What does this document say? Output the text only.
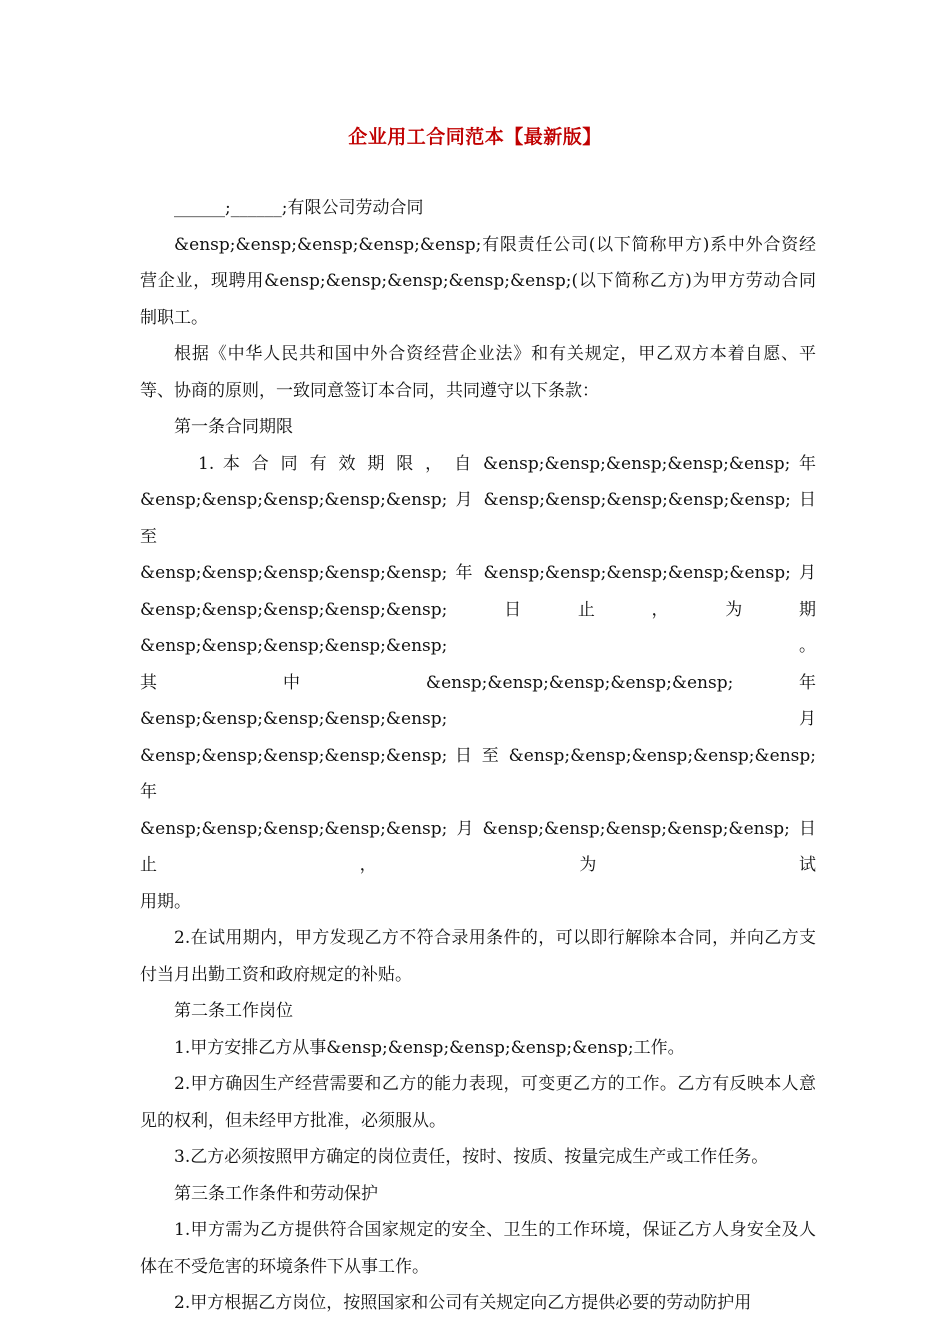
企业用工合同范本【最新版】

______;______;有限公司劳动合同

&ensp;&ensp;&ensp;&ensp;&ensp;有限责任公司(以下简称甲方)系中外合资经营企业，现聘用&ensp;&ensp;&ensp;&ensp;&ensp;(以下简称乙方)为甲方劳动合同制职工。

根据《中华人民共和国中外合资经营企业法》和有关规定，甲乙双方本着自愿、平等、协商的原则，一致同意签订本合同，共同遵守以下条款：

第一条合同期限

1. 本 合 同 有 效 期 限 ， 自 &ensp;&ensp;&ensp;&ensp;&ensp; 年

&ensp;&ensp;&ensp;&ensp;&ensp; 月 &ensp;&ensp;&ensp;&ensp;&ensp; 日 至

&ensp;&ensp;&ensp;&ensp;&ensp; 年 &ensp;&ensp;&ensp;&ensp;&ensp; 月

&ensp;&ensp;&ensp;&ensp;&ensp;日止，为期&ensp;&ensp;&ensp;&ensp;&ensp;。

其 中 &ensp;&ensp;&ensp;&ensp;&ensp; 年 &ensp;&ensp;&ensp;&ensp;&ensp; 月

&ensp;&ensp;&ensp;&ensp;&ensp; 日 至 &ensp;&ensp;&ensp;&ensp;&ensp; 年

&ensp;&ensp;&ensp;&ensp;&ensp;月&ensp;&ensp;&ensp;&ensp;&ensp;日止，为试

用期。

2.在试用期内，甲方发现乙方不符合录用条件的，可以即行解除本合同，并向乙方支付当月出勤工资和政府规定的补贴。

第二条工作岗位

1.甲方安排乙方从事&ensp;&ensp;&ensp;&ensp;&ensp;工作。

2.甲方确因生产经营需要和乙方的能力表现，可变更乙方的工作。乙方有反映本人意见的权利，但未经甲方批准，必须服从。

3.乙方必须按照甲方确定的岗位责任，按时、按质、按量完成生产或工作任务。

第三条工作条件和劳动保护

1.甲方需为乙方提供符合国家规定的安全、卫生的工作环境，保证乙方人身安全及人体在不受危害的环境条件下从事工作。

2.甲方根据乙方岗位，按照国家和公司有关规定向乙方提供必要的劳动防护用
